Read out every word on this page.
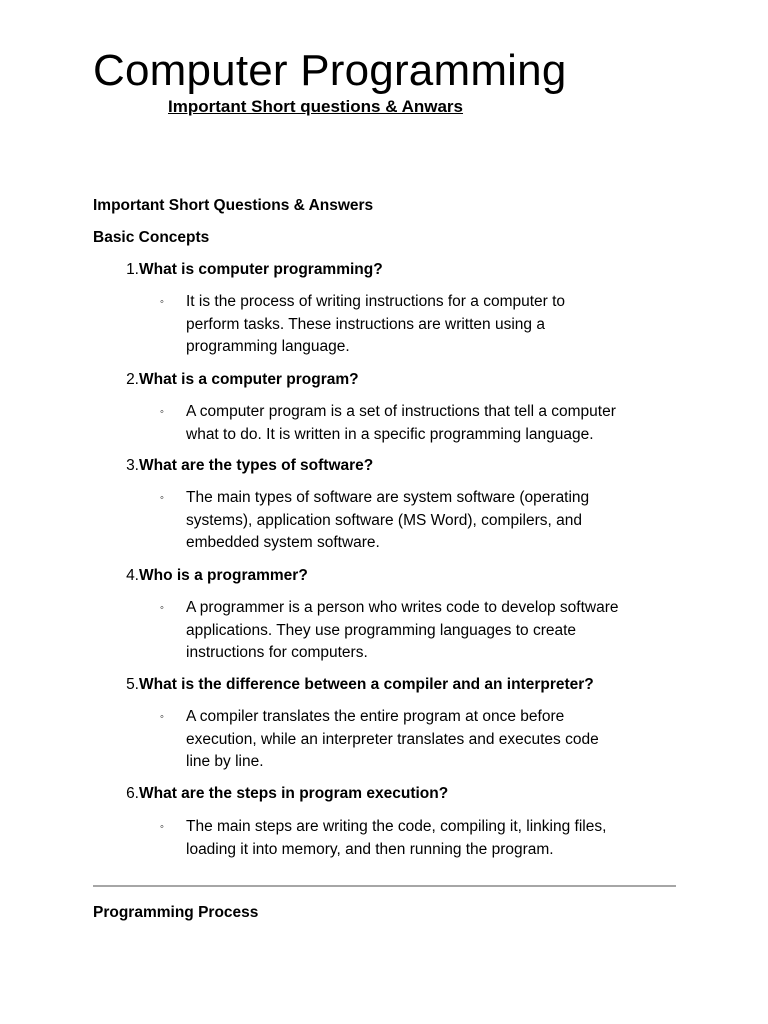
Computer Programming
Important Short questions & Anwars
Important Short Questions & Answers
Basic Concepts
1. What is computer programming?
◦	It is the process of writing instructions for a computer to
perform tasks. These instructions are written using a
programming language.
2. What is a computer program?
◦	A computer program is a set of instructions that tell a computer
what to do. It is written in a specific programming language.
3. What are the types of software?
◦	The main types of software are system software (operating
systems), application software (MS Word), compilers, and
embedded system software.
4. Who is a programmer?
◦	A programmer is a person who writes code to develop software
applications. They use programming languages to create
instructions for computers.
5. What is the difference between a compiler and an interpreter?
◦	A compiler translates the entire program at once before
execution, while an interpreter translates and executes code
line by line.
6. What are the steps in program execution?
◦	The main steps are writing the code, compiling it, linking files,
loading it into memory, and then running the program.
Programming Process
